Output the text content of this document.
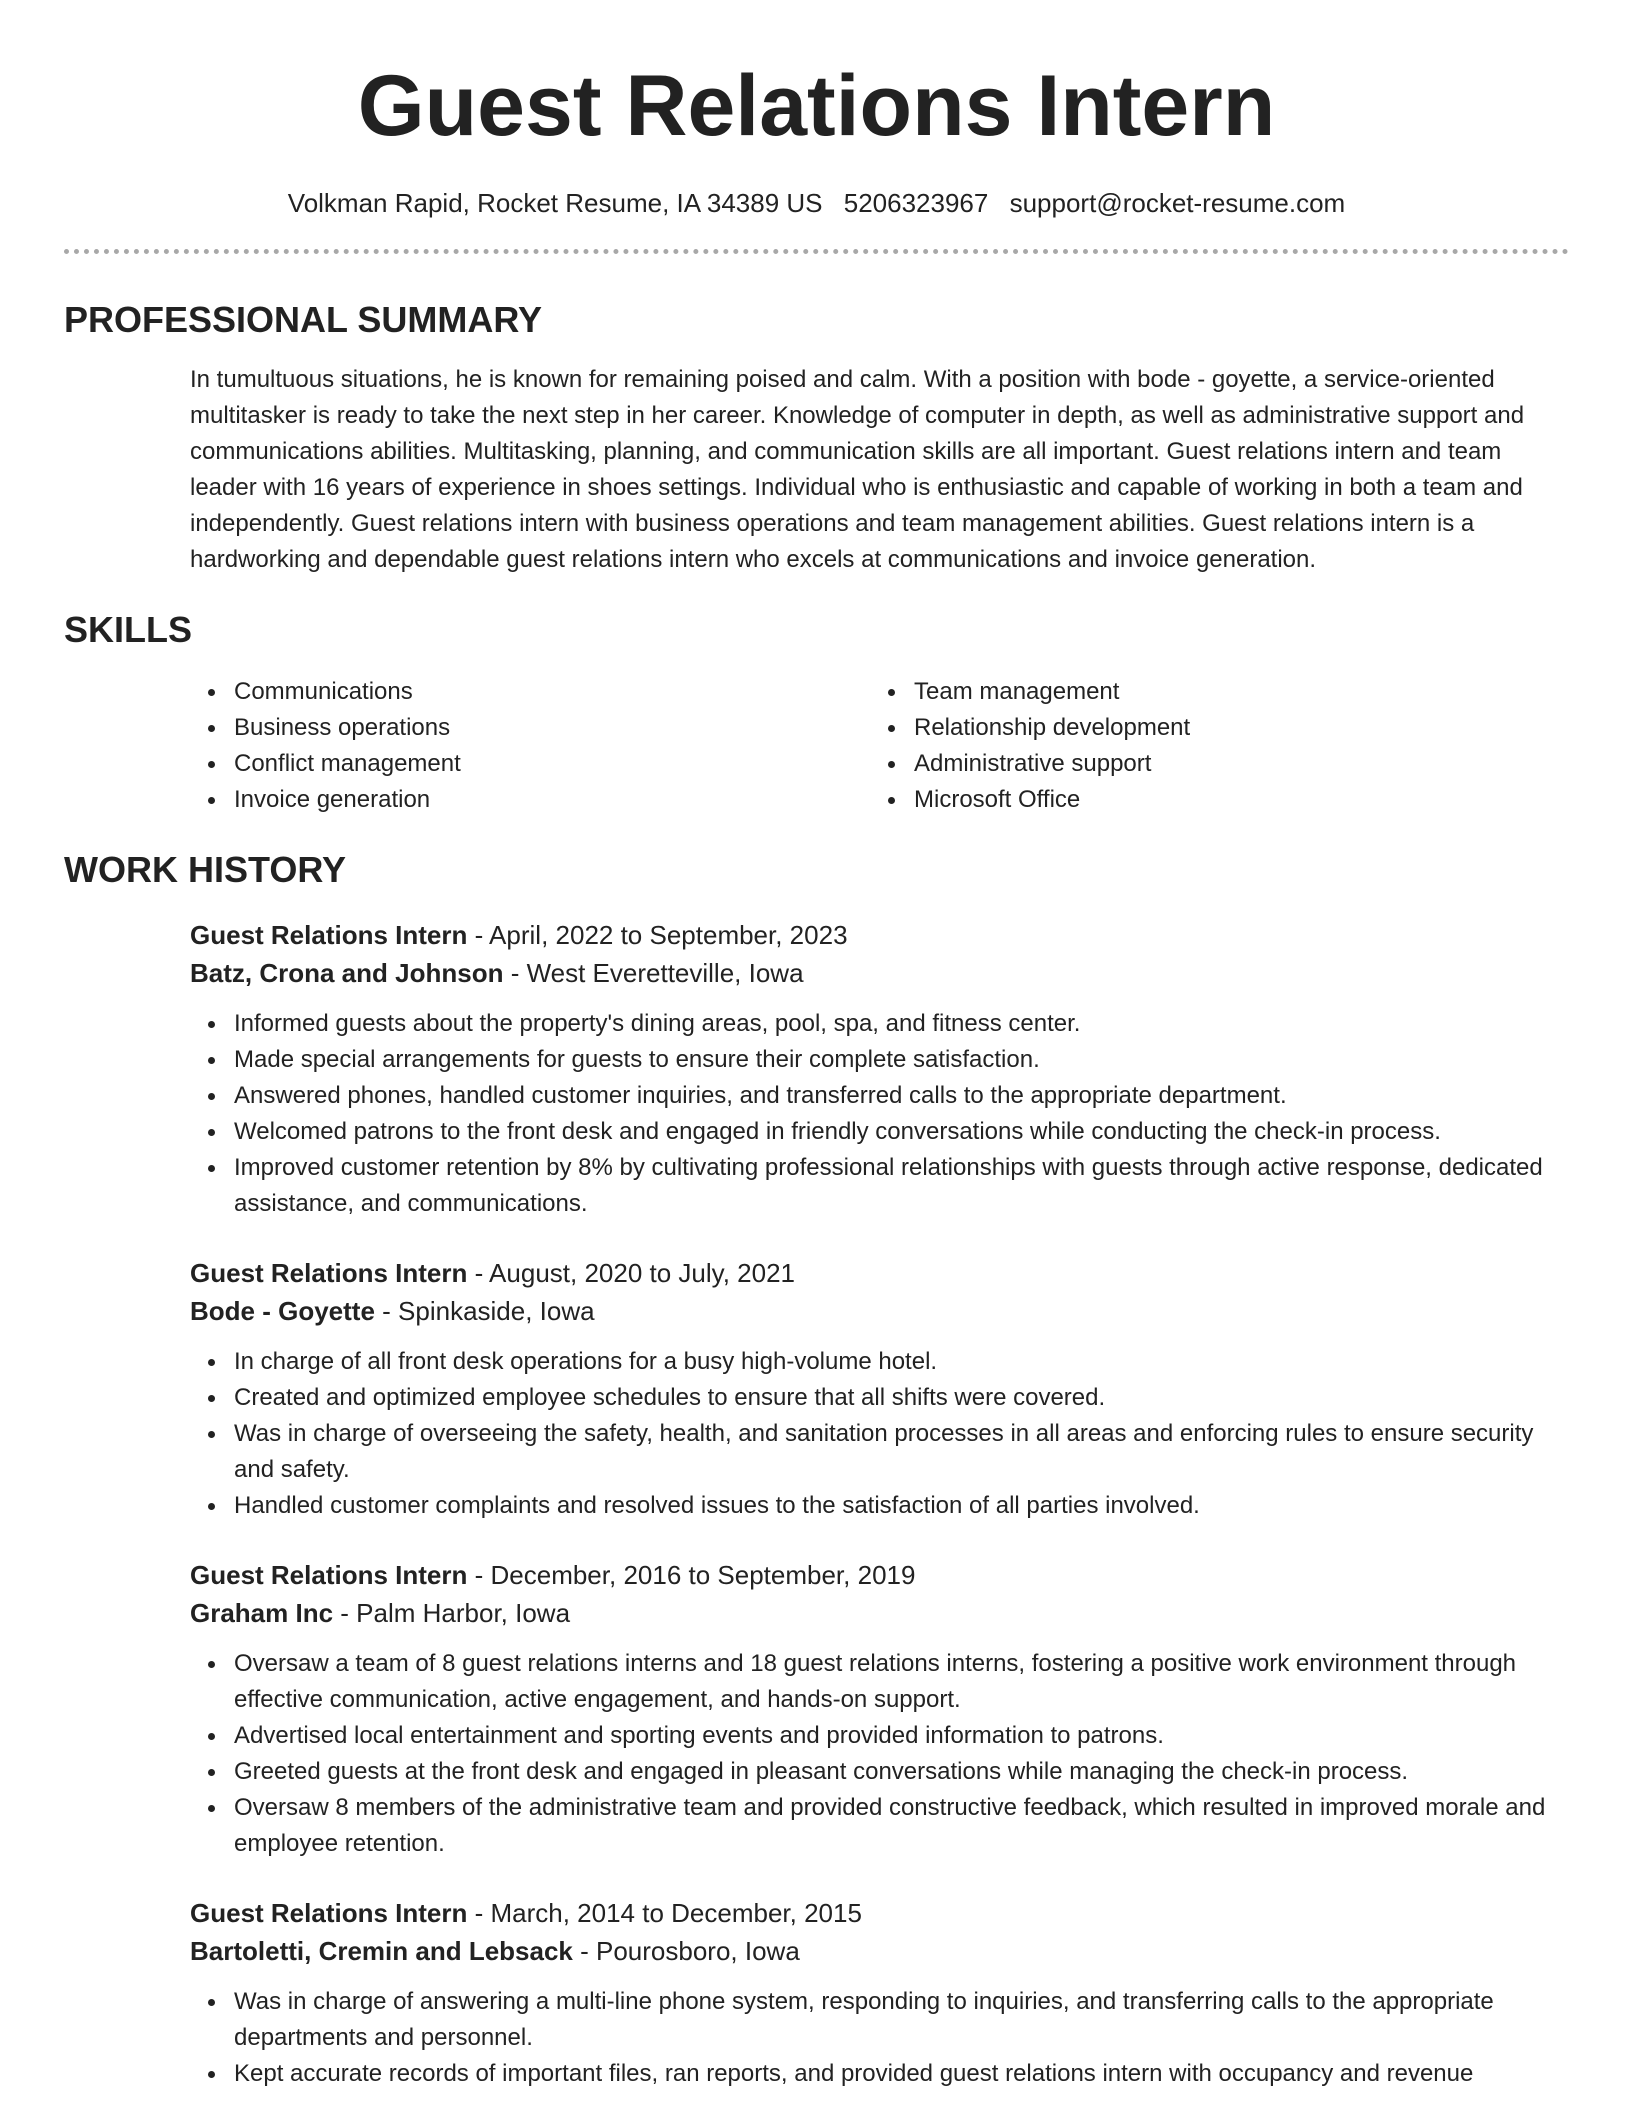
Guest Relations Intern
Volkman Rapid, Rocket Resume, IA 34389 US 5206323967 support@rocket-resume.com
PROFESSIONAL SUMMARY

In tumultuous situations, he is known for remaining poised and calm. With a position with bode - goyette, a service-oriented multitasker is ready to take the next step in her career. Knowledge of computer in depth, as well as administrative support and communications abilities. Multitasking, planning, and communication skills are all important. Guest relations intern and team leader with 16 years of experience in shoes settings. Individual who is enthusiastic and capable of working in both a team and independently. Guest relations intern with business operations and team management abilities. Guest relations intern is a hardworking and dependable guest relations intern who excels at communications and invoice generation.

SKILLS
Communications
Business operations
Conflict management
Invoice generation
Team management
Relationship development
Administrative support
Microsoft Office
WORK HISTORY
Guest Relations Intern - April, 2022 to September, 2023
Batz, Crona and Johnson - West Everetteville, Iowa
Informed guests about the property's dining areas, pool, spa, and fitness center.
Made special arrangements for guests to ensure their complete satisfaction.
Answered phones, handled customer inquiries, and transferred calls to the appropriate department.
Welcomed patrons to the front desk and engaged in friendly conversations while conducting the check-in process.
Improved customer retention by 8% by cultivating professional relationships with guests through active response, dedicated assistance, and communications.
Guest Relations Intern - August, 2020 to July, 2021
Bode - Goyette - Spinkaside, Iowa
In charge of all front desk operations for a busy high-volume hotel.
Created and optimized employee schedules to ensure that all shifts were covered.
Was in charge of overseeing the safety, health, and sanitation processes in all areas and enforcing rules to ensure security and safety.
Handled customer complaints and resolved issues to the satisfaction of all parties involved.
Guest Relations Intern - December, 2016 to September, 2019
Graham Inc - Palm Harbor, Iowa
Oversaw a team of 8 guest relations interns and 18 guest relations interns, fostering a positive work environment through effective communication, active engagement, and hands-on support.
Advertised local entertainment and sporting events and provided information to patrons.
Greeted guests at the front desk and engaged in pleasant conversations while managing the check-in process.
Oversaw 8 members of the administrative team and provided constructive feedback, which resulted in improved morale and employee retention.
Guest Relations Intern - March, 2014 to December, 2015
Bartoletti, Cremin and Lebsack - Pourosboro, Iowa
Was in charge of answering a multi-line phone system, responding to inquiries, and transferring calls to the appropriate departments and personnel.
Kept accurate records of important files, ran reports, and provided guest relations intern with occupancy and revenue
